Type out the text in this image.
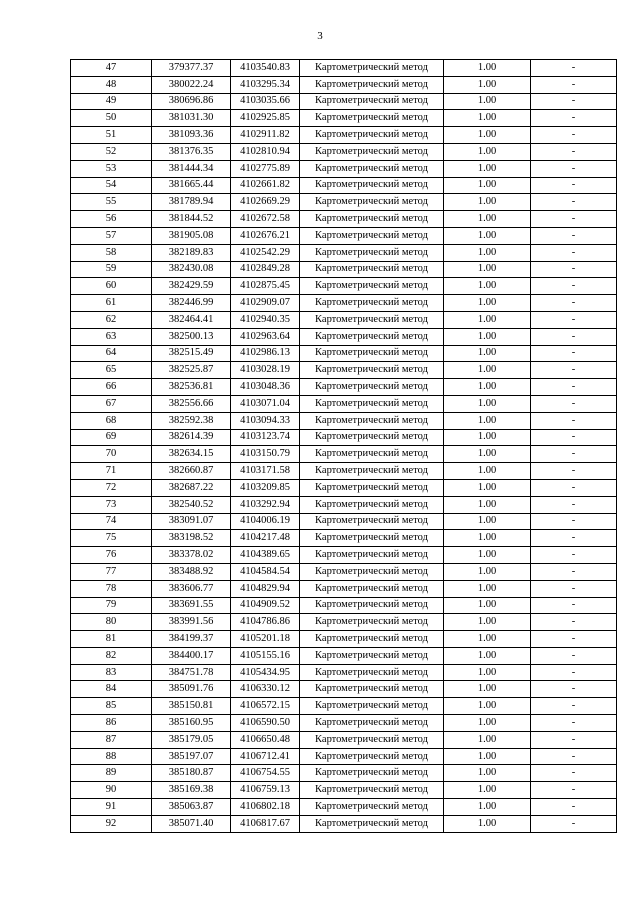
3
47	379377.37	4103540.83	Картометрический метод	1.00	-
48	380022.24	4103295.34	Картометрический метод	1.00	-
49	380696.86	4103035.66	Картометрический метод	1.00	-
50	381031.30	4102925.85	Картометрический метод	1.00	-
51	381093.36	4102911.82	Картометрический метод	1.00	-
52	381376.35	4102810.94	Картометрический метод	1.00	-
53	381444.34	4102775.89	Картометрический метод	1.00	-
54	381665.44	4102661.82	Картометрический метод	1.00	-
55	381789.94	4102669.29	Картометрический метод	1.00	-
56	381844.52	4102672.58	Картометрический метод	1.00	-
57	381905.08	4102676.21	Картометрический метод	1.00	-
58	382189.83	4102542.29	Картометрический метод	1.00	-
59	382430.08	4102849.28	Картометрический метод	1.00	-
60	382429.59	4102875.45	Картометрический метод	1.00	-
61	382446.99	4102909.07	Картометрический метод	1.00	-
62	382464.41	4102940.35	Картометрический метод	1.00	-
63	382500.13	4102963.64	Картометрический метод	1.00	-
64	382515.49	4102986.13	Картометрический метод	1.00	-
65	382525.87	4103028.19	Картометрический метод	1.00	-
66	382536.81	4103048.36	Картометрический метод	1.00	-
67	382556.66	4103071.04	Картометрический метод	1.00	-
68	382592.38	4103094.33	Картометрический метод	1.00	-
69	382614.39	4103123.74	Картометрический метод	1.00	-
70	382634.15	4103150.79	Картометрический метод	1.00	-
71	382660.87	4103171.58	Картометрический метод	1.00	-
72	382687.22	4103209.85	Картометрический метод	1.00	-
73	382540.52	4103292.94	Картометрический метод	1.00	-
74	383091.07	4104006.19	Картометрический метод	1.00	-
75	383198.52	4104217.48	Картометрический метод	1.00	-
76	383378.02	4104389.65	Картометрический метод	1.00	-
77	383488.92	4104584.54	Картометрический метод	1.00	-
78	383606.77	4104829.94	Картометрический метод	1.00	-
79	383691.55	4104909.52	Картометрический метод	1.00	-
80	383991.56	4104786.86	Картометрический метод	1.00	-
81	384199.37	4105201.18	Картометрический метод	1.00	-
82	384400.17	4105155.16	Картометрический метод	1.00	-
83	384751.78	4105434.95	Картометрический метод	1.00	-
84	385091.76	4106330.12	Картометрический метод	1.00	-
85	385150.81	4106572.15	Картометрический метод	1.00	-
86	385160.95	4106590.50	Картометрический метод	1.00	-
87	385179.05	4106650.48	Картометрический метод	1.00	-
88	385197.07	4106712.41	Картометрический метод	1.00	-
89	385180.87	4106754.55	Картометрический метод	1.00	-
90	385169.38	4106759.13	Картометрический метод	1.00	-
91	385063.87	4106802.18	Картометрический метод	1.00	-
92	385071.40	4106817.67	Картометрический метод	1.00	-
